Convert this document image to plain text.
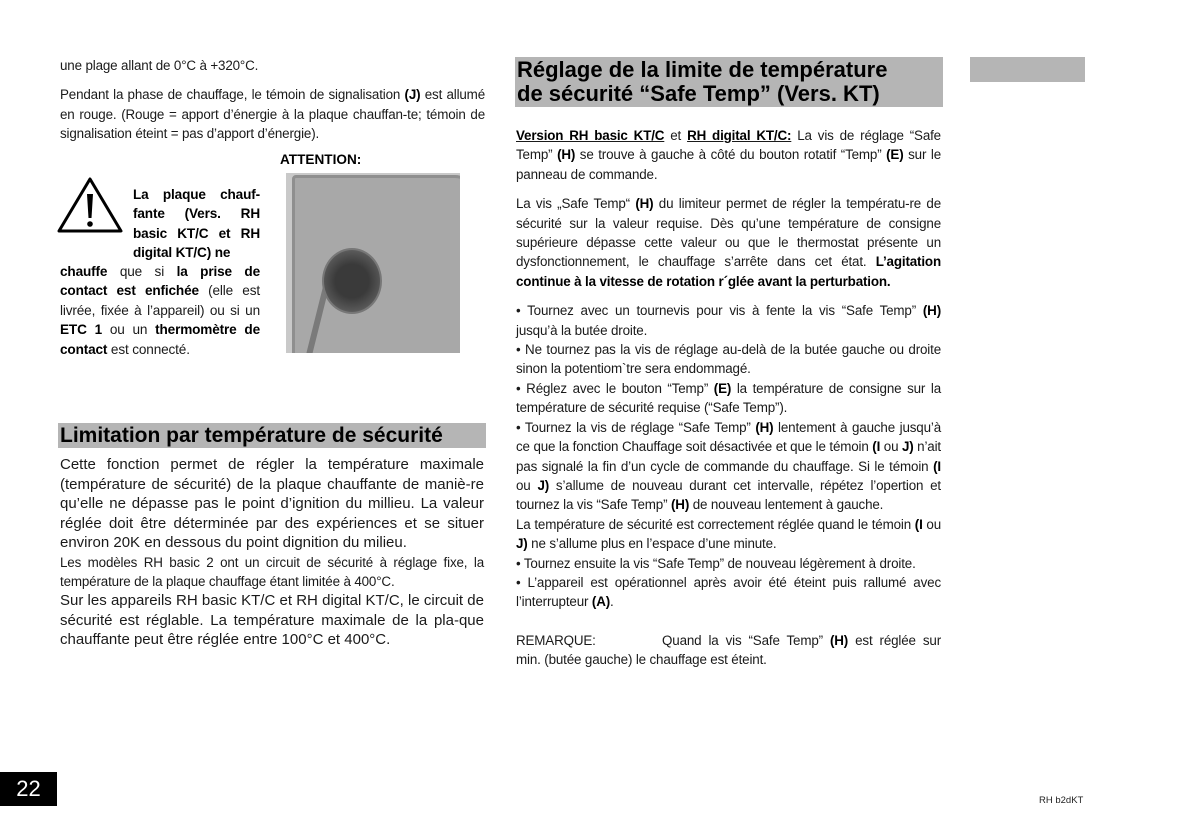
une plage allant de 0°C à +320°C.

Pendant la phase de chauffage, le témoin de signalisation (J) est allumé en rouge. (Rouge = apport d’énergie à la plaque chauffan-te; témoin de signalisation éteint = pas d’apport d’énergie).

ATTENTION:
La plaque chauf-fante (Vers. RH basic KT/C et RH digital KT/C) ne
chauffe que si la prise de contact est enfichée (elle est livrée, fixée à l’appareil) ou si un ETC 1 ou un thermomètre de contact est connecté.
Limitation par température de sécurité

Cette fonction permet de régler la température maximale (température de sécurité) de la plaque chauffante de maniè-re qu’elle ne dépasse pas le point d’ignition du millieu. La valeur réglée doit être déterminée par des expériences et se situer environ 20K en dessous du point dignition du milieu.

Les modèles RH basic 2 ont un circuit de sécurité à réglage fixe, la température de la plaque chauffage étant limitée à 400°C.

Sur les appareils RH basic KT/C et RH digital KT/C, le circuit de sécurité est réglable. La température maximale de la pla-que chauffante peut être réglée entre 100°C et 400°C.

Réglage de la limite de température
de sécurité “Safe Temp” (Vers. KT)

Version RH basic KT/C et RH digital KT/C: La vis de réglage “Safe Temp” (H) se trouve à gauche à côté du bouton rotatif “Temp” (E) sur le panneau de commande.

La vis „Safe Temp“ (H) du limiteur permet de régler la températu-re de sécurité sur la valeur requise. Dès qu’une température de consigne supérieure dépasse cette valeur ou que le thermostat présente un dysfonctionnement, le chauffage s’arrête dans cet état. L’agitation continue à la vitesse de rotation r´glée avant la perturbation.

• Tournez avec un tournevis pour vis à fente la vis “Safe Temp” (H) jusqu’à la butée droite.

• Ne tournez pas la vis de réglage au-delà de la butée gauche ou droite sinon la potentiom`tre sera endommagé.

• Réglez avec le bouton “Temp” (E) la température de consigne sur la température de sécurité requise (“Safe Temp”).

• Tournez la vis de réglage “Safe Temp” (H) lentement à gauche jusqu’à ce que la fonction Chauffage soit désactivée et que le témoin (I ou J) n’ait pas signalé la fin d’un cycle de commande du chauffage. Si le témoin (I ou J) s’allume de nouveau durant cet intervalle, répétez l’opertion et tournez la vis “Safe Temp” (H) de nouveau lentement à gauche.

La température de sécurité est correctement réglée quand le témoin (I ou J) ne s’allume plus en l’espace d’une minute.

• Tournez ensuite la vis “Safe Temp” de nouveau légèrement à droite.

• L’appareil est opérationnel après avoir été éteint puis rallumé avec l’interrupteur (A).

REMARQUE:	Quand la vis “Safe Temp” (H) est réglée sur min. (butée gauche) le chauffage est éteint.

22	RH b2dKT
